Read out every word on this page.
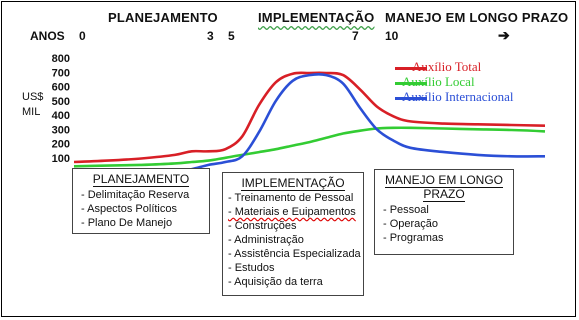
PLANEJAMENTO	IMPLEMENTAÇÃO MANEJO EM LONGO PRAZO
ANOS 0	3 5	7 10	➔
US$ MIL
800
700
600
500
400
300
200
100
Auxílio Total
Auxílio Local
Auxílio Internacional
PLANEJAMENTO
- Delimitação Reserva
- Aspectos Políticos
- Plano De Manejo
IMPLEMENTAÇÃO
- Treinamento de Pessoal
- Materiais e Euipamentos
- Construções
- Administração
- Assistência Especializada
- Estudos
- Aquisição da terra
MANEJO EM LONGO PRAZO
- Pessoal
- Operação
- Programas
